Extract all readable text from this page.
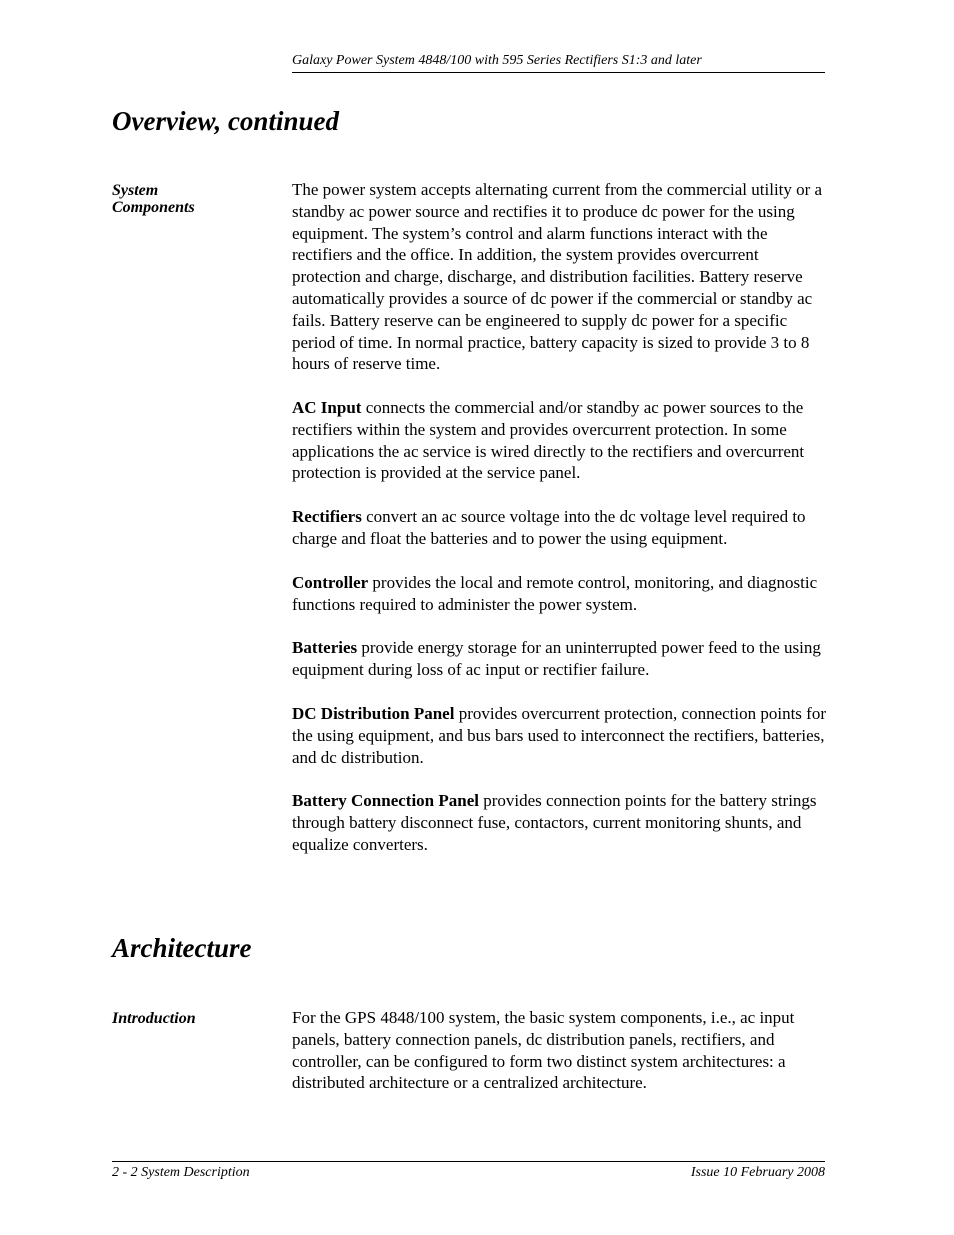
Galaxy Power System 4848/100 with 595 Series Rectifiers S1:3 and later
Overview, continued
System
Components

The power system accepts alternating current from the commercial utility or a standby ac power source and rectifies it to produce dc power for the using equipment. The system’s control and alarm functions interact with the rectifiers and the office. In addition, the system provides overcurrent protection and charge, discharge, and distribution facilities. Battery reserve automatically provides a source of dc power if the commercial or standby ac fails. Battery reserve can be engineered to supply dc power for a specific period of time. In normal practice, battery capacity is sized to provide 3 to 8 hours of reserve time.

AC Input connects the commercial and/or standby ac power sources to the rectifiers within the system and provides overcurrent protection. In some applications the ac service is wired directly to the rectifiers and overcurrent protection is provided at the service panel.

Rectifiers convert an ac source voltage into the dc voltage level required to charge and float the batteries and to power the using equipment.

Controller provides the local and remote control, monitoring, and diagnostic functions required to administer the power system.

Batteries provide energy storage for an uninterrupted power feed to the using equipment during loss of ac input or rectifier failure.

DC Distribution Panel provides overcurrent protection, connection points for the using equipment, and bus bars used to interconnect the rectifiers, batteries, and dc distribution.

Battery Connection Panel provides connection points for the battery strings through battery disconnect fuse, contactors, current monitoring shunts, and equalize converters.

Architecture
Introduction	For the GPS 4848/100 system, the basic system components, i.e., ac input panels, battery connection panels, dc distribution panels, rectifiers, and controller, can be configured to form two distinct system architectures: a distributed architecture or a centralized architecture.

2 - 2 System Description	Issue 10 February 2008
